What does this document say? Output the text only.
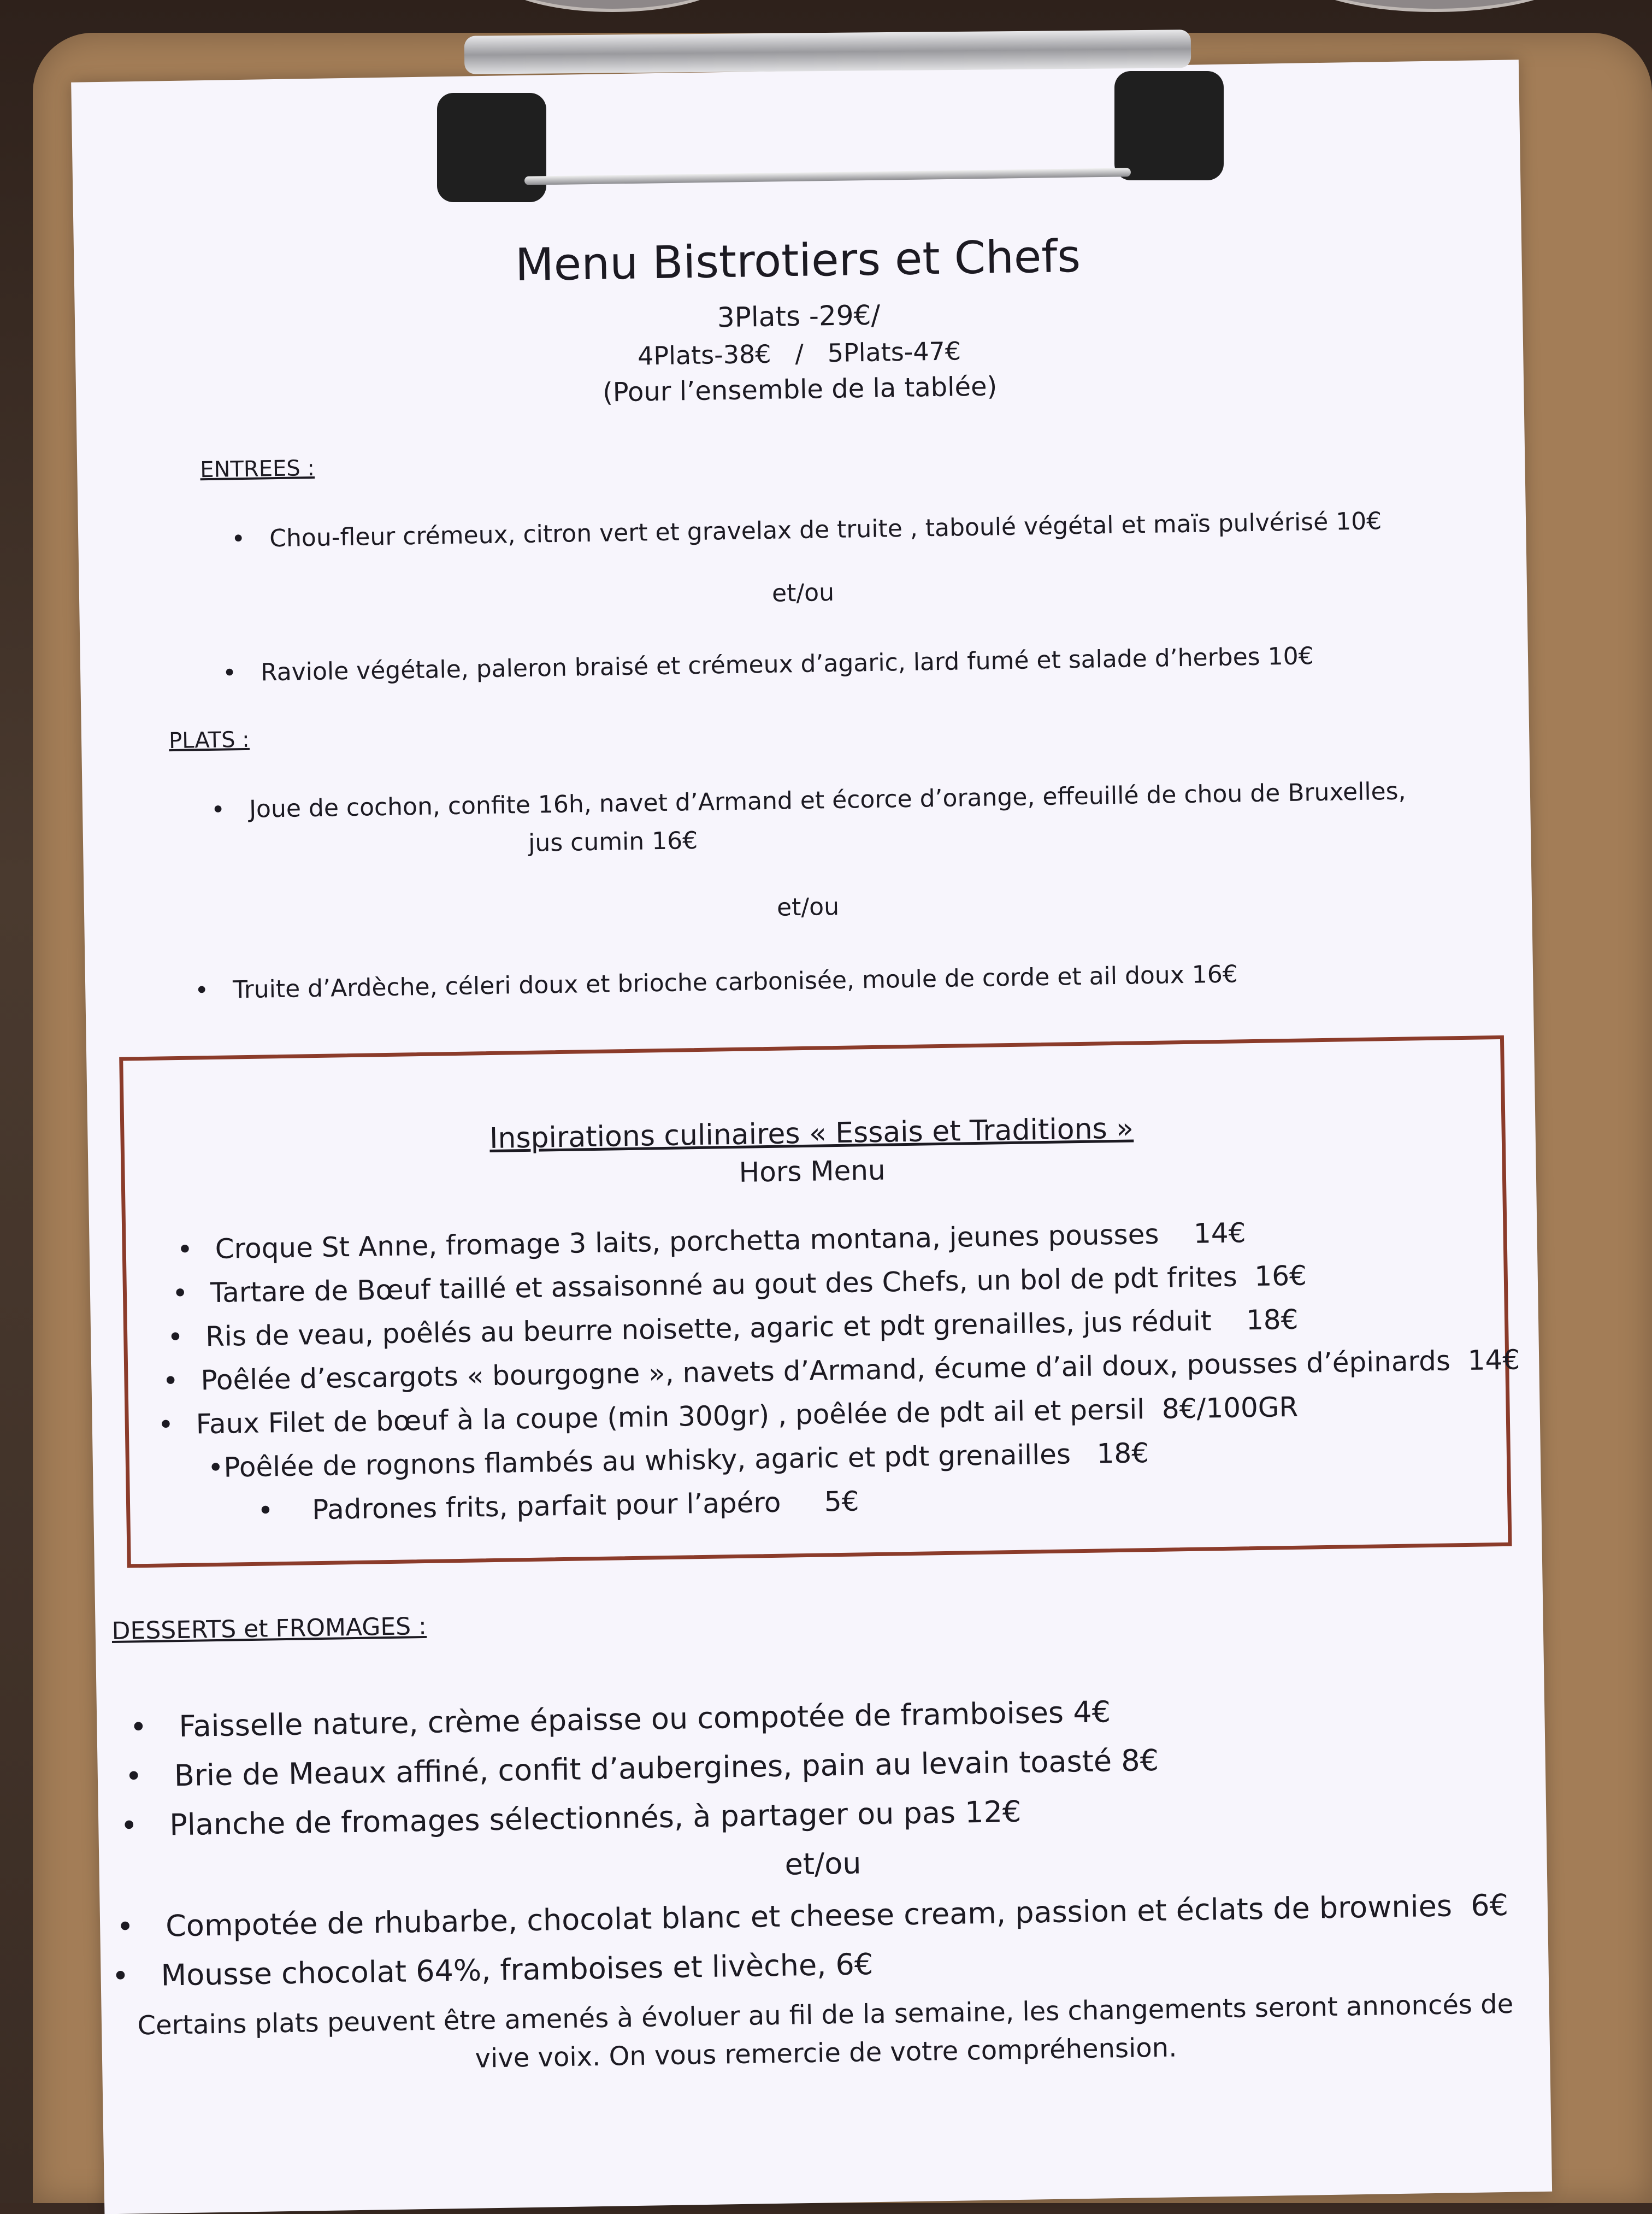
Menu Bistrotiers et Chefs
3Plats -29€/
4Plats-38€   /   5Plats-47€
(Pour l’ensemble de la tablée)
ENTREES :
• Chou-fleur crémeux, citron vert et gravelax de truite , taboulé végétal et maïs pulvérisé 10€
et/ou
• Raviole végétale, paleron braisé et crémeux d’agaric, lard fumé et salade d’herbes 10€
PLATS :
• Joue de cochon, confite 16h, navet d’Armand et écorce d’orange, effeuillé de chou de Bruxelles,
jus cumin 16€
et/ou
• Truite d’Ardèche, céleri doux et brioche carbonisée, moule de corde et ail doux 16€
Inspirations culinaires « Essais et Traditions »
Hors Menu
• Croque St Anne, fromage 3 laits, porchetta montana, jeunes pousses    14€
• Tartare de Bœuf taillé et assaisonné au gout des Chefs, un bol de pdt frites  16€
• Ris de veau, poêlés au beurre noisette, agaric et pdt grenailles, jus réduit    18€
• Poêlée d’escargots « bourgogne », navets d’Armand, écume d’ail doux, pousses d’épinards  14€
• Faux Filet de bœuf à la coupe (min 300gr) , poêlée de pdt ail et persil  8€/100GR
•Poêlée de rognons flambés au whisky, agaric et pdt grenailles   18€
• Padrones frits, parfait pour l’apéro     5€
DESSERTS et FROMAGES :
• Faisselle nature, crème épaisse ou compotée de framboises 4€
• Brie de Meaux affiné, confit d’aubergines, pain au levain toasté 8€
• Planche de fromages sélectionnés, à partager ou pas 12€
et/ou
• Compotée de rhubarbe, chocolat blanc et cheese cream, passion et éclats de brownies  6€
• Mousse chocolat 64%, framboises et livèche, 6€
Certains plats peuvent être amenés à évoluer au fil de la semaine, les changements seront annoncés de
vive voix. On vous remercie de votre compréhension.
